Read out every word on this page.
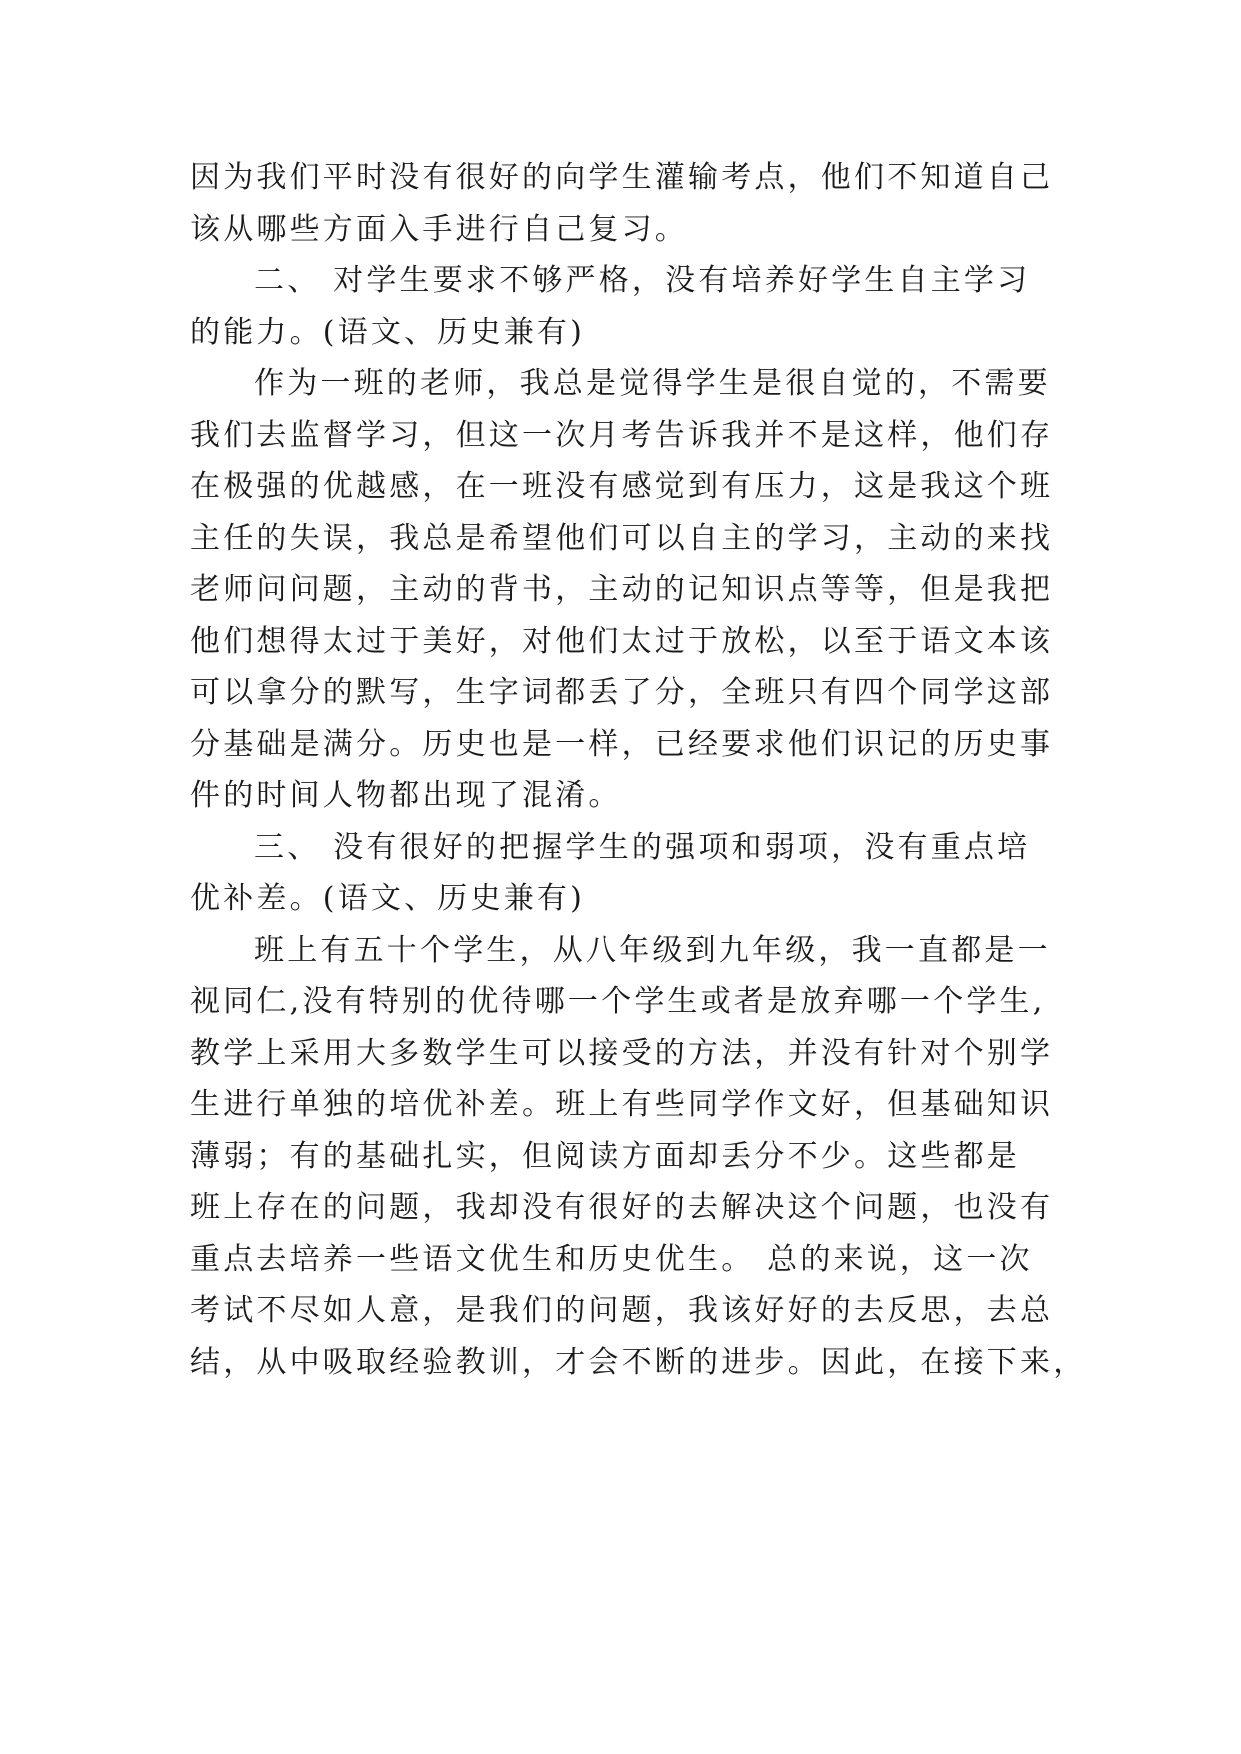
因为我们平时没有很好的向学生灌输考点，他们不知道自己
该从哪些方面入手进行自己复习。
二、 对学生要求不够严格，没有培养好学生自主学习
的能力。(语文、历史兼有)
作为一班的老师，我总是觉得学生是很自觉的，不需要
我们去监督学习，但这一次月考告诉我并不是这样，他们存
在极强的优越感，在一班没有感觉到有压力，这是我这个班
主任的失误，我总是希望他们可以自主的学习，主动的来找
老师问问题，主动的背书，主动的记知识点等等，但是我把
他们想得太过于美好，对他们太过于放松，以至于语文本该
可以拿分的默写，生字词都丢了分，全班只有四个同学这部
分基础是满分。历史也是一样，已经要求他们识记的历史事
件的时间人物都出现了混淆。
三、 没有很好的把握学生的强项和弱项，没有重点培
优补差。(语文、历史兼有)
班上有五十个学生，从八年级到九年级，我一直都是一
视同仁,没有特别的优待哪一个学生或者是放弃哪一个学生,
教学上采用大多数学生可以接受的方法，并没有针对个别学
生进行单独的培优补差。班上有些同学作文好，但基础知识
薄弱；有的基础扎实，但阅读方面却丢分不少。这些都是
班上存在的问题，我却没有很好的去解决这个问题，也没有
重点去培养一些语文优生和历史优生。 总的来说，这一次
考试不尽如人意，是我们的问题，我该好好的去反思，去总
结，从中吸取经验教训，才会不断的进步。因此，在接下来，
